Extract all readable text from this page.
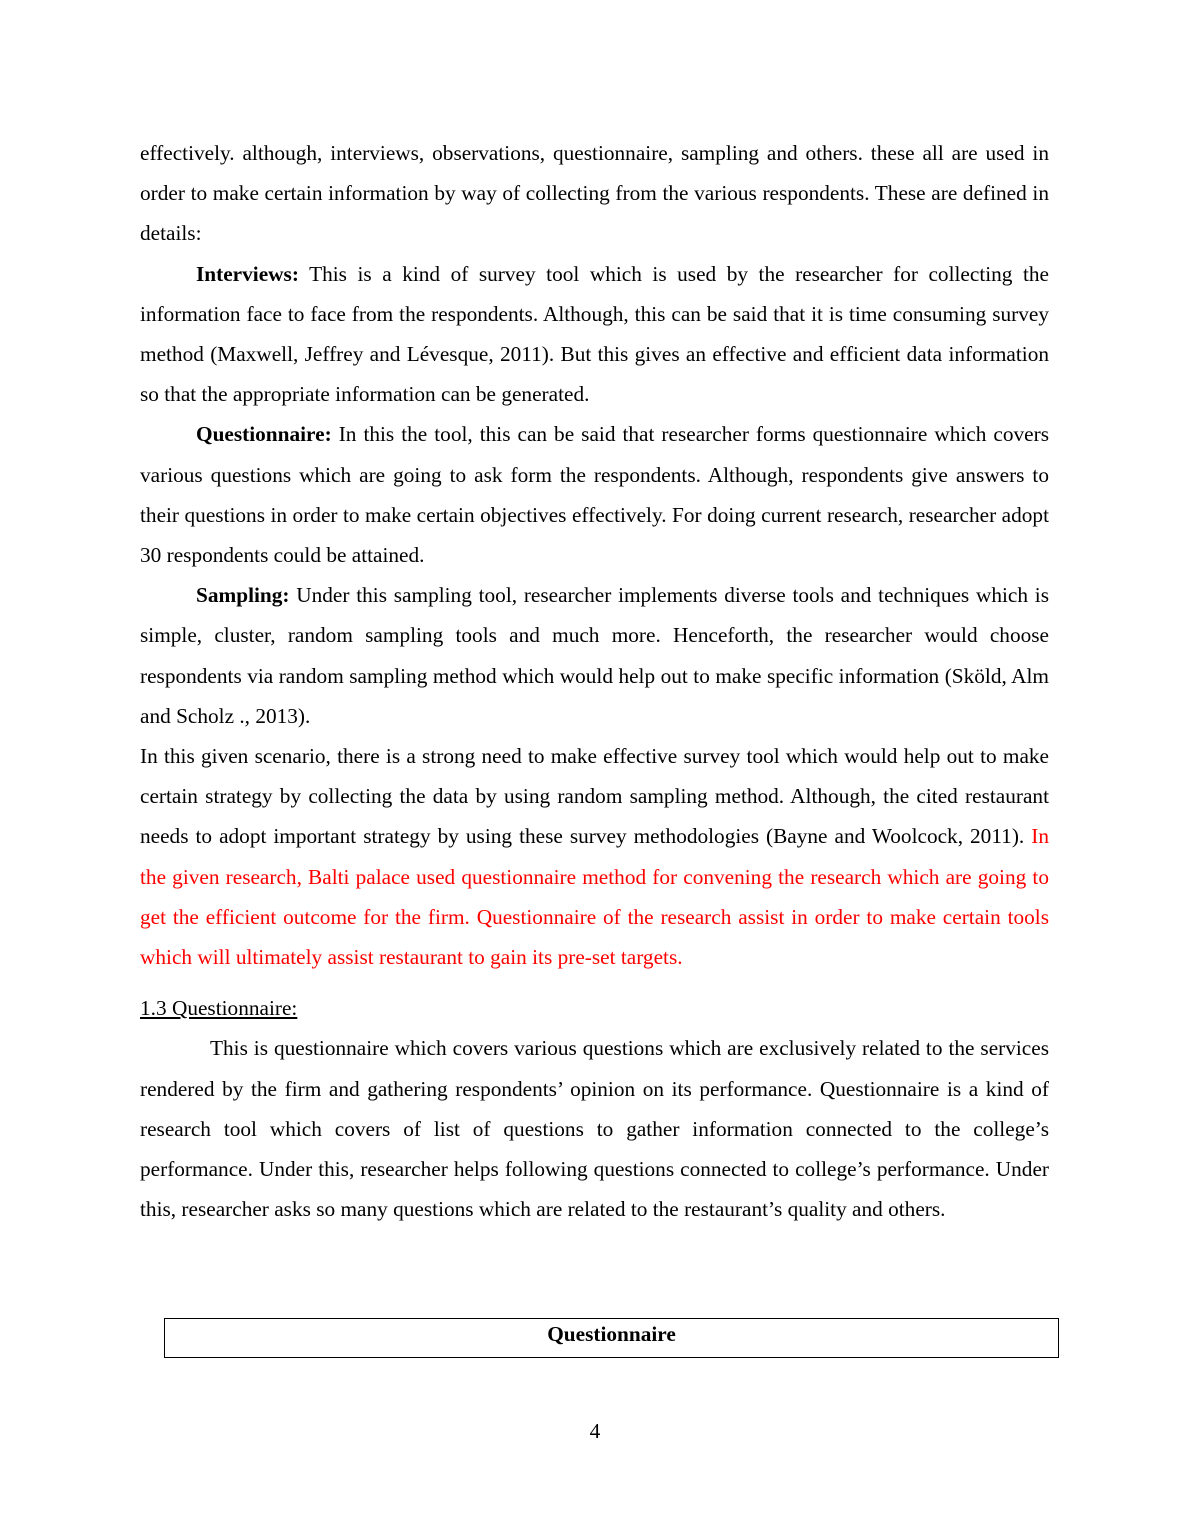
effectively. although, interviews, observations, questionnaire, sampling and others. these all are used in order to make certain information by way of collecting from the various respondents. These are defined in details:

Interviews: This is a kind of survey tool which is used by the researcher for collecting the information face to face from the respondents. Although, this can be said that it is time consuming survey method (Maxwell, Jeffrey and Lévesque, 2011). But this gives an effective and efficient data information so that the appropriate information can be generated.

Questionnaire: In this the tool, this can be said that researcher forms questionnaire which covers various questions which are going to ask form the respondents. Although, respondents give answers to their questions in order to make certain objectives effectively. For doing current research, researcher adopt 30 respondents could be attained.

Sampling: Under this sampling tool, researcher implements diverse tools and techniques which is simple, cluster, random sampling tools and much more. Henceforth, the researcher would choose respondents via random sampling method which would help out to make specific information (Sköld, Alm and Scholz ., 2013).

In this given scenario, there is a strong need to make effective survey tool which would help out to make certain strategy by collecting the data by using random sampling method. Although, the cited restaurant needs to adopt important strategy by using these survey methodologies (Bayne and Woolcock, 2011). In the given research, Balti palace used questionnaire method for convening the research which are going to get the efficient outcome for the firm. Questionnaire of the research assist in order to make certain tools which will ultimately assist restaurant to gain its pre-set targets.

1.3 Questionnaire:

This is questionnaire which covers various questions which are exclusively related to the services rendered by the firm and gathering respondents’ opinion on its performance. Questionnaire is a kind of research tool which covers of list of questions to gather information connected to the college’s performance. Under this, researcher helps following questions connected to college’s performance. Under this, researcher asks so many questions which are related to the restaurant’s quality and others.

Questionnaire
4
